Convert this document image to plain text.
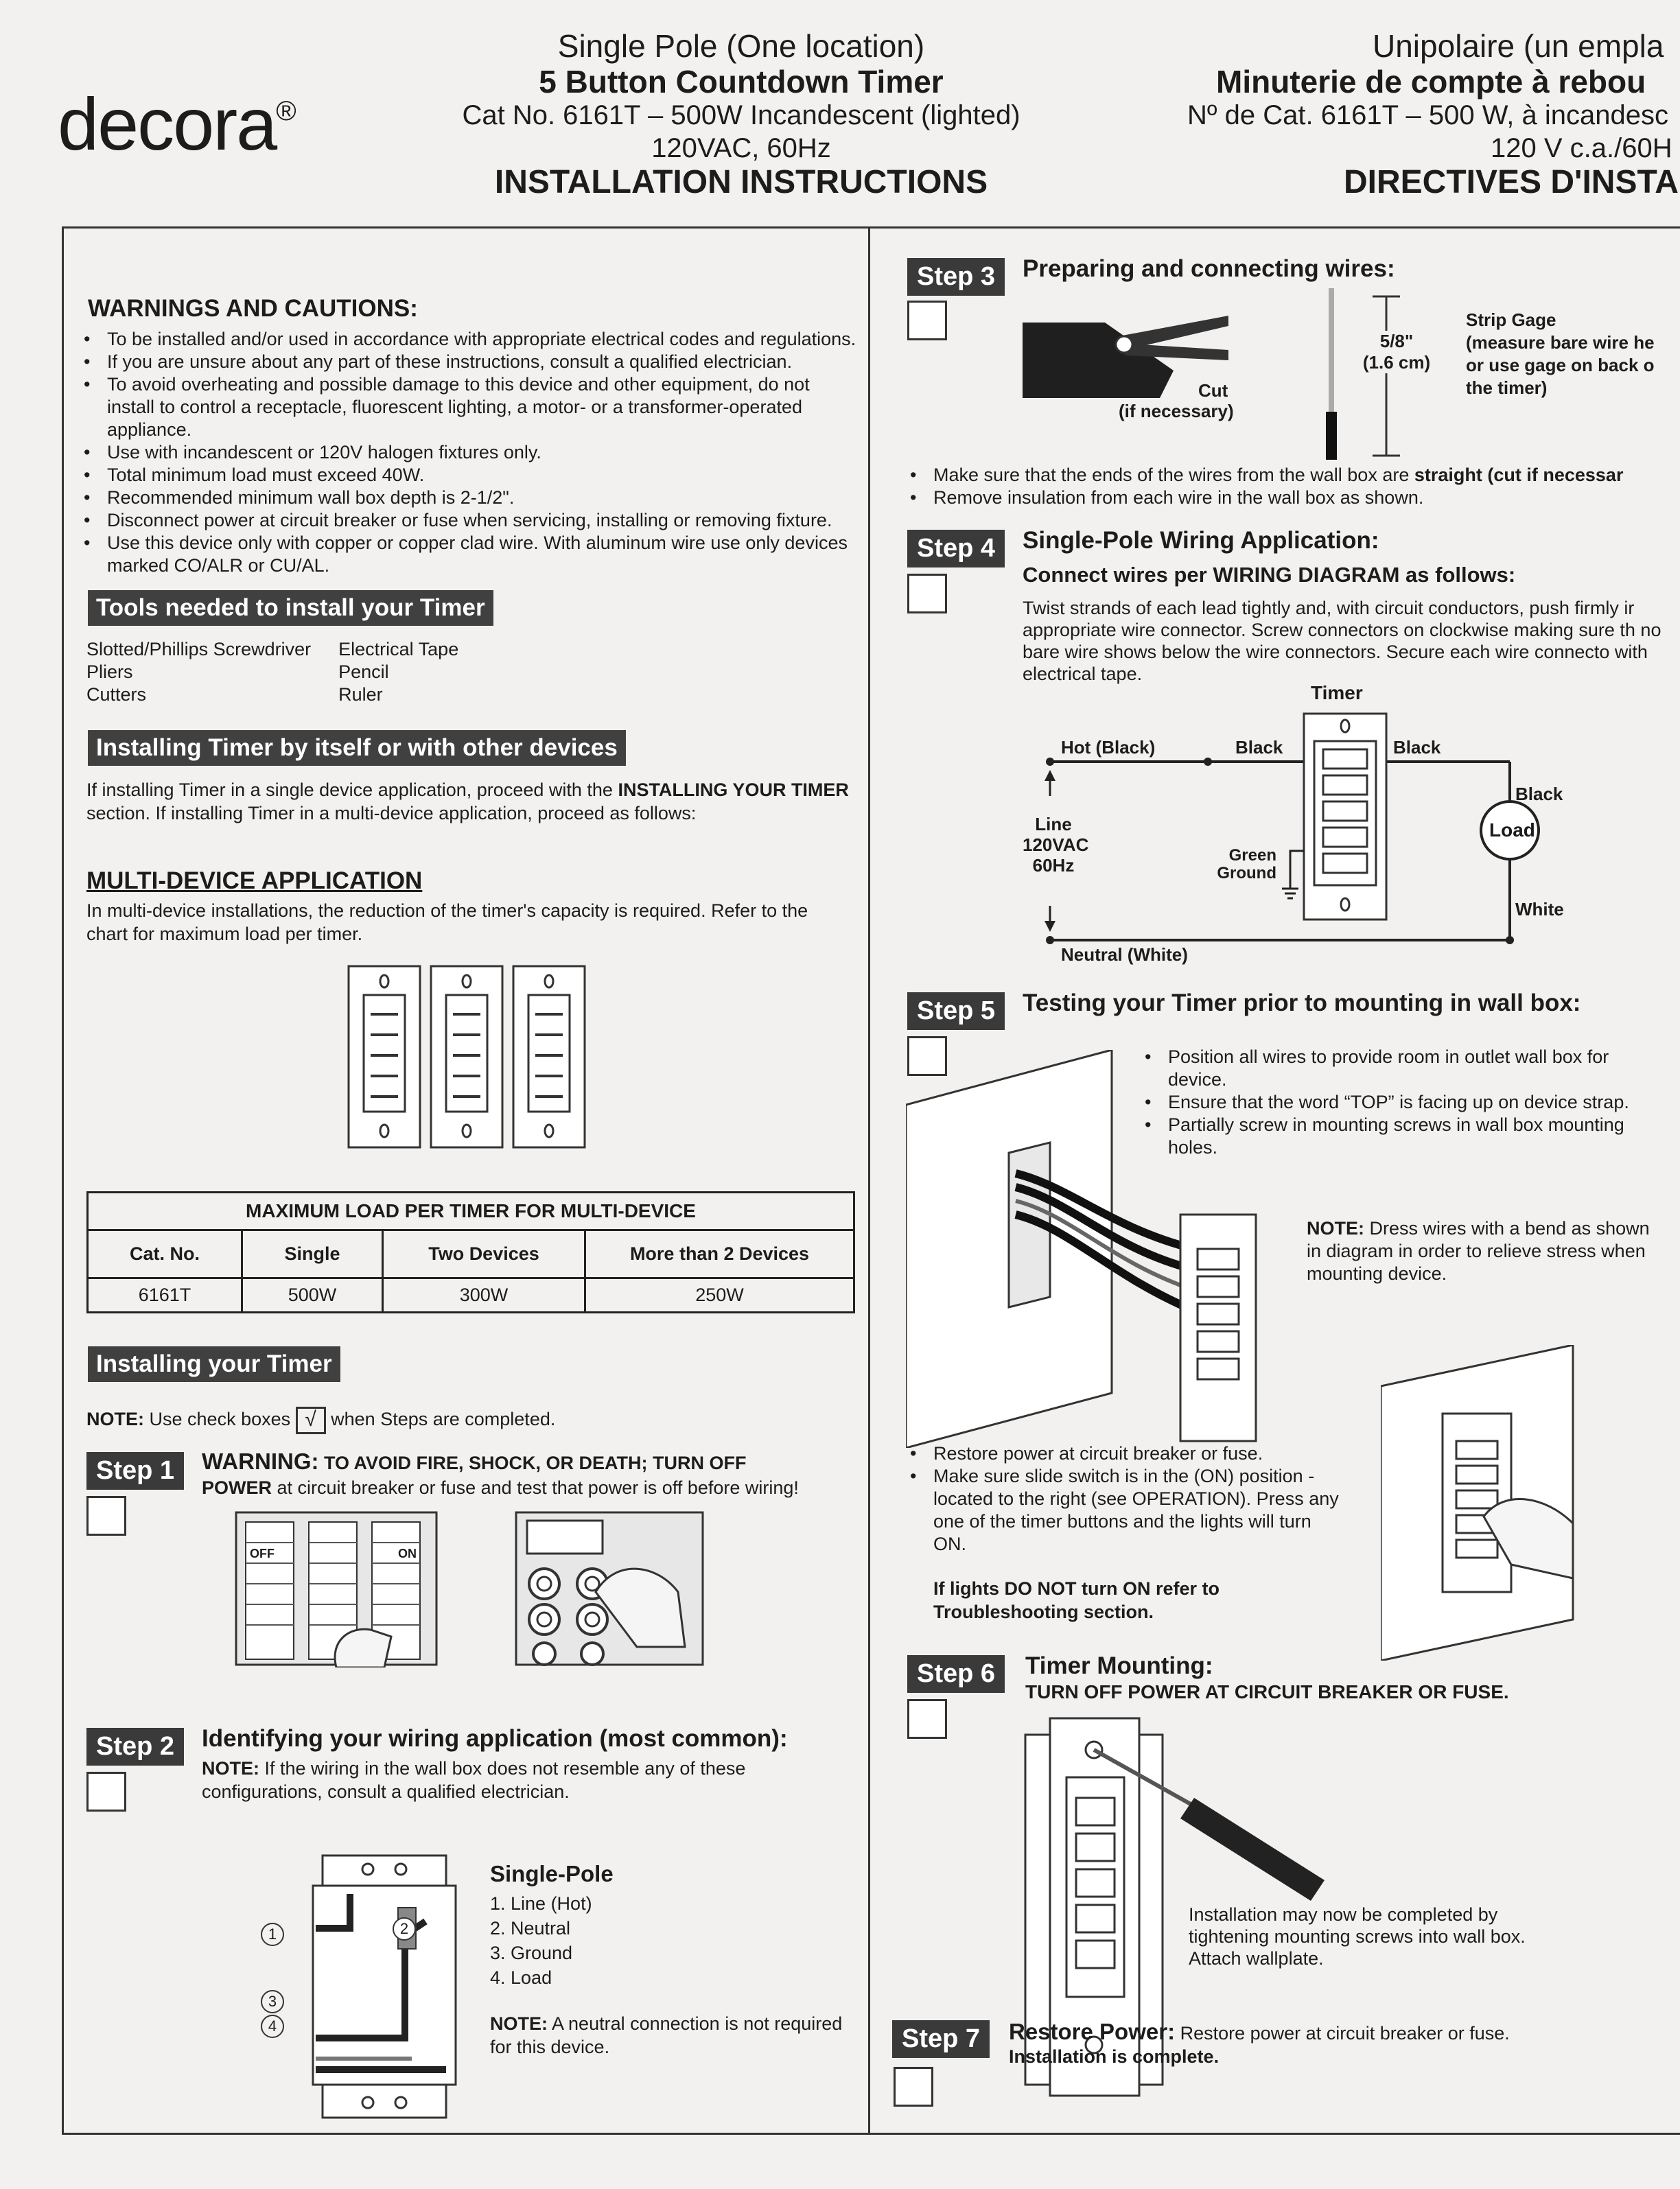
decora®
Single Pole (One location)
5 Button Countdown Timer
Cat No. 6161T – 500W Incandescent (lighted)
120VAC, 60Hz
INSTALLATION INSTRUCTIONS
Unipolaire (un empla
Minuterie de compte à rebou
Nº de Cat. 6161T – 500 W, à incandesc
120 V c.a./60H
DIRECTIVES D'INSTA
WARNINGS AND CAUTIONS:
• To be installed and/or used in accordance with appropriate electrical codes and regulations.
• If you are unsure about any part of these instructions, consult a qualified electrician.
• To avoid overheating and possible damage to this device and other equipment, do not install to control a receptacle, fluorescent lighting, a motor- or a transformer-operated appliance.
• Use with incandescent or 120V halogen fixtures only.
• Total minimum load must exceed 40W.
• Recommended minimum wall box depth is 2-1/2".
• Disconnect power at circuit breaker or fuse when servicing, installing or removing fixture.
• Use this device only with copper or copper clad wire. With aluminum wire use only devices marked CO/ALR or CU/AL.
Tools needed to install your Timer
Slotted/Phillips Screwdriver	Electrical Tape
Pliers	Pencil
Cutters	Ruler
Installing Timer by itself or with other devices
If installing Timer in a single device application, proceed with the INSTALLING YOUR TIMER section. If installing Timer in a multi-device application, proceed as follows:
MULTI-DEVICE APPLICATION
In multi-device installations, the reduction of the timer's capacity is required. Refer to the chart for maximum load per timer.
MAXIMUM LOAD PER TIMER FOR MULTI-DEVICE			
Cat. No.	Single	Two Devices	More than 2 Devices
6161T	500W	300W	250W
Installing your Timer
NOTE: Use check boxes √ when Steps are completed.
Step 1	WARNING: TO AVOID FIRE, SHOCK, OR DEATH; TURN OFF
POWER at circuit breaker or fuse and test that power is off before wiring!
OFF	ON
Step 2	Identifying your wiring application (most common):
NOTE: If the wiring in the wall box does not resemble any of these configurations, consult a qualified electrician.
1	2
3
4
Single-Pole
1. Line (Hot)
2. Neutral
3. Ground
4. Load
NOTE: A neutral connection is not required for this device.
Step 3	Preparing and connecting wires:
Cut
(if necessary)
5/8"
(1.6 cm)
Strip Gage
(measure bare wire he
or use gage on back o
the timer)
• Make sure that the ends of the wires from the wall box are straight (cut if necessar
• Remove insulation from each wire in the wall box as shown.
Step 4	Single-Pole Wiring Application:
Connect wires per WIRING DIAGRAM as follows:
Twist strands of each lead tightly and, with circuit conductors, push firmly ir appropriate wire connector. Screw connectors on clockwise making sure th no bare wire shows below the wire connectors. Secure each wire connecto with electrical tape.
Timer
Hot (Black)	Black	Black
Black
Line
120VAC
60Hz	Green
Ground
Load
White
Neutral (White)
Step 5	Testing your Timer prior to mounting in wall box:
• Position all wires to provide room in outlet wall box for device.
• Ensure that the word “TOP” is facing up on device strap.
• Partially screw in mounting screws in wall box mounting holes.
NOTE: Dress wires with a bend as shown in diagram in order to relieve stress when mounting device.
• Restore power at circuit breaker or fuse.
• Make sure slide switch is in the (ON) position - located to the right (see OPERATION). Press any one of the timer buttons and the lights will turn ON.
If lights DO NOT turn ON refer to Troubleshooting section.
Step 6	Timer Mounting:
TURN OFF POWER AT CIRCUIT BREAKER OR FUSE.
Installation may now be completed by tightening mounting screws into wall box. Attach wallplate.
Step 7	Restore Power: Restore power at circuit breaker or fuse.
Installation is complete.
